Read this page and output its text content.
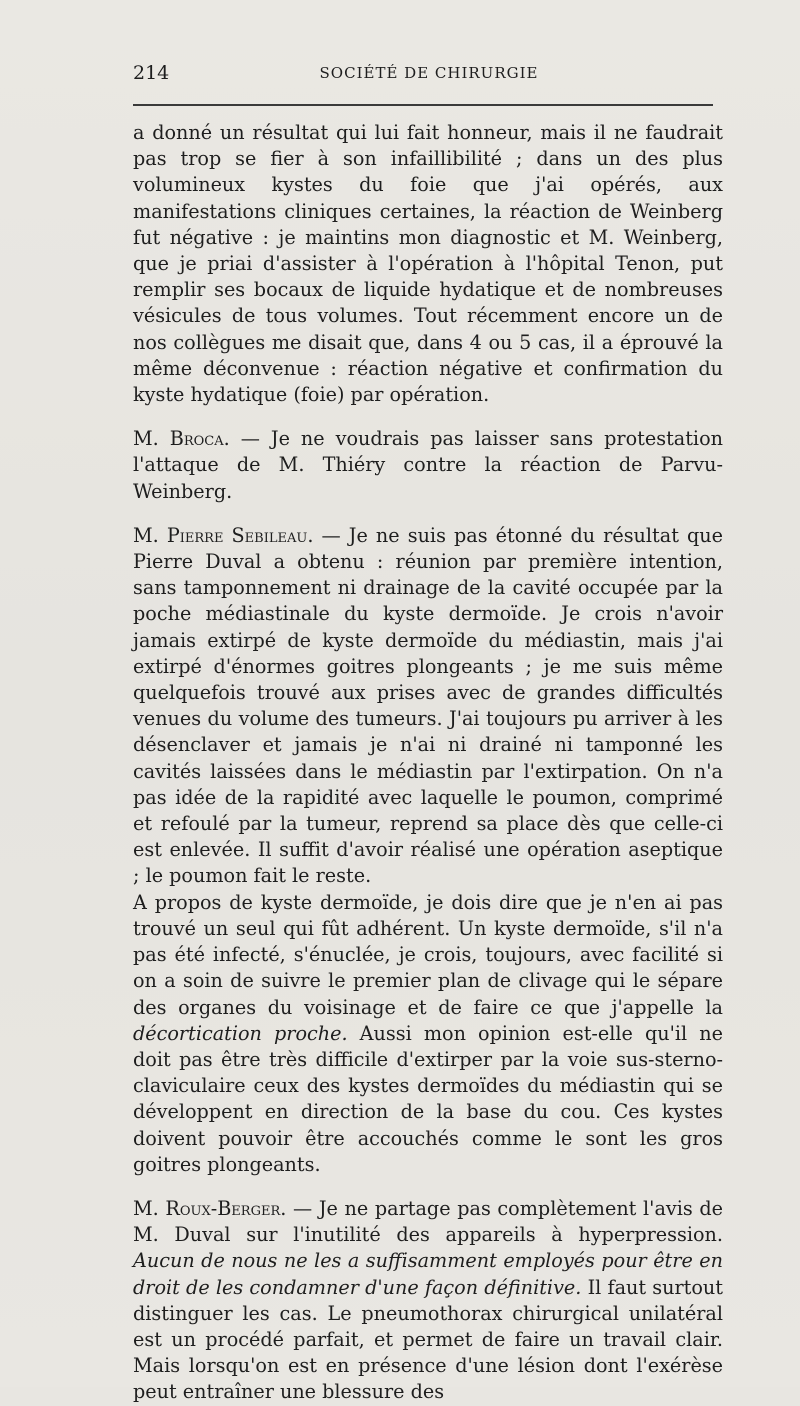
214	SOCIÉTÉ DE CHIRURGIE

a donné un résultat qui lui fait honneur, mais il ne faudrait pas trop se fier à son infaillibilité ; dans un des plus volumineux kystes du foie que j'ai opérés, aux manifestations cliniques certaines, la réaction de Weinberg fut négative : je maintins mon diagnostic et M. Weinberg, que je priai d'assister à l'opération à l'hôpital Tenon, put remplir ses bocaux de liquide hydatique et de nombreuses vésicules de tous volumes. Tout récemment encore un de nos collègues me disait que, dans 4 ou 5 cas, il a éprouvé la même déconvenue : réaction négative et confirmation du kyste hydatique (foie) par opération.

M. Broca. — Je ne voudrais pas laisser sans protestation l'attaque de M. Thiéry contre la réaction de Parvu-Weinberg.

M. Pierre Sebileau. — Je ne suis pas étonné du résultat que Pierre Duval a obtenu : réunion par première intention, sans tamponnement ni drainage de la cavité occupée par la poche médiastinale du kyste dermoïde. Je crois n'avoir jamais extirpé de kyste dermoïde du médiastin, mais j'ai extirpé d'énormes goitres plongeants ; je me suis même quelquefois trouvé aux prises avec de grandes difficultés venues du volume des tumeurs. J'ai toujours pu arriver à les désenclaver et jamais je n'ai ni drainé ni tamponné les cavités laissées dans le médiastin par l'extirpation. On n'a pas idée de la rapidité avec laquelle le poumon, comprimé et refoulé par la tumeur, reprend sa place dès que celle-ci est enlevée. Il suffit d'avoir réalisé une opération aseptique ; le poumon fait le reste.

A propos de kyste dermoïde, je dois dire que je n'en ai pas trouvé un seul qui fût adhérent. Un kyste dermoïde, s'il n'a pas été infecté, s'énuclée, je crois, toujours, avec facilité si on a soin de suivre le premier plan de clivage qui le sépare des organes du voisinage et de faire ce que j'appelle la décortication proche. Aussi mon opinion est-elle qu'il ne doit pas être très difficile d'extirper par la voie sus-sterno-claviculaire ceux des kystes dermoïdes du médiastin qui se développent en direction de la base du cou. Ces kystes doivent pouvoir être accouchés comme le sont les gros goitres plongeants.

M. Roux-Berger. — Je ne partage pas complètement l'avis de M. Duval sur l'inutilité des appareils à hyperpression. Aucun de nous ne les a suffisamment employés pour être en droit de les condamner d'une façon définitive. Il faut surtout distinguer les cas. Le pneumothorax chirurgical unilatéral est un procédé parfait, et permet de faire un travail clair. Mais lorsqu'on est en présence d'une lésion dont l'exérèse peut entraîner une blessure des
